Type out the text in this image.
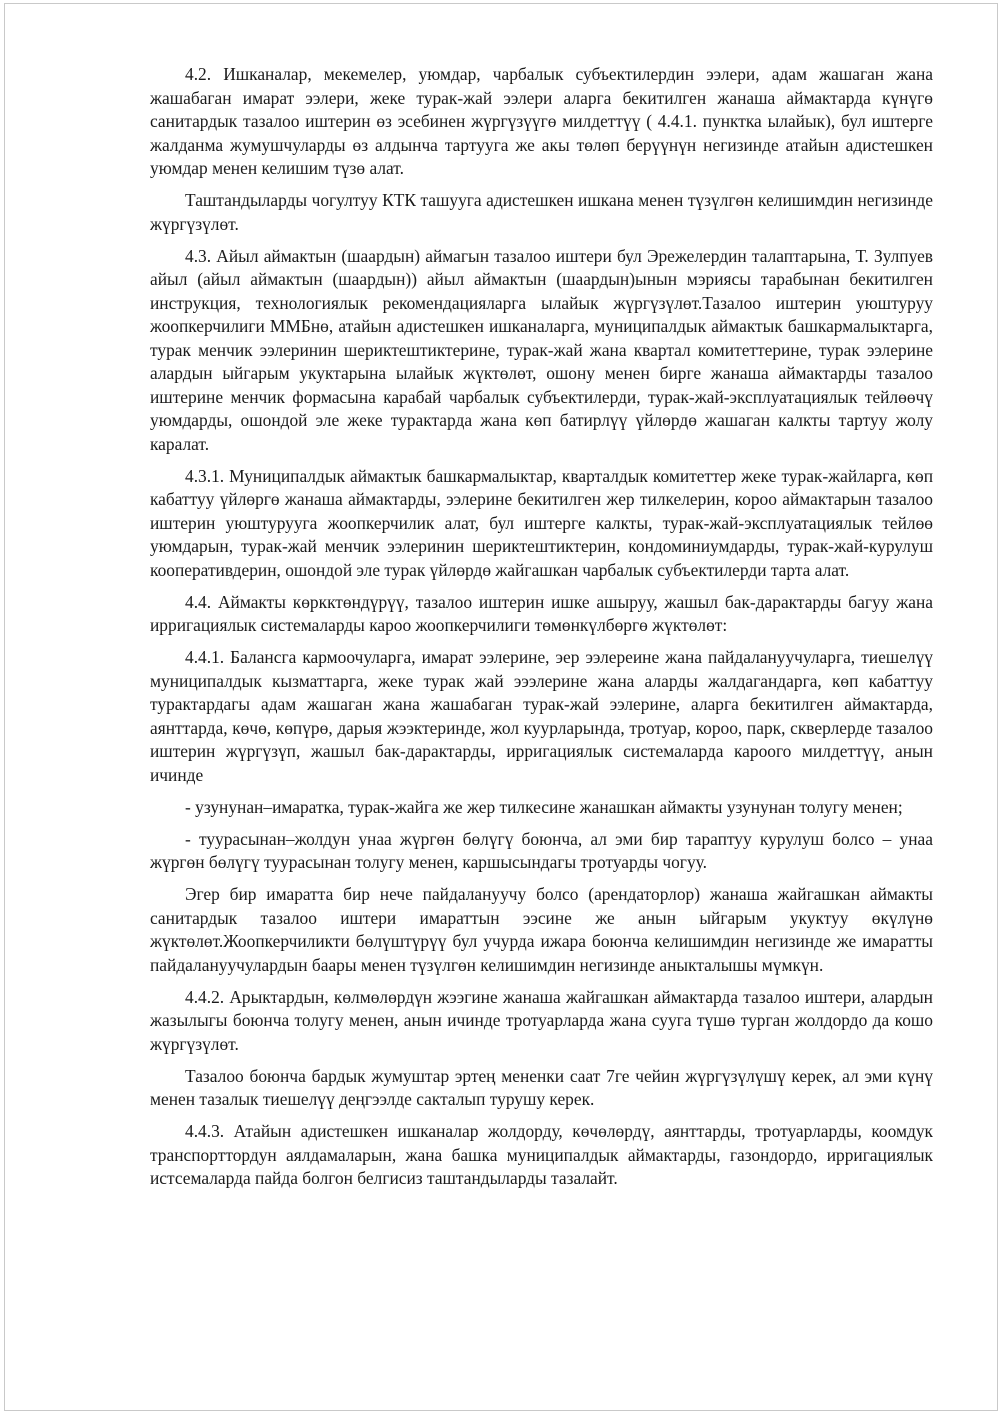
4.2. Ишканалар, мекемелер, уюмдар, чарбалык субъектилердин ээлери, адам жашаган жана жашабаган имарат ээлери, жеке турак-жай ээлери аларга бекитилген жанаша аймактарда күнүгө санитардык тазалоо иштерин өз эсебинен жүргүзүүгө милдеттүү ( 4.4.1. пунктка ылайык), бул иштерге жалданма жумушчуларды өз алдынча тартууга же акы төлөп берүүнүн негизинде атайын адистешкен уюмдар менен келишим түзө алат.

Таштандыларды чогултуу КТК ташууга адистешкен ишкана менен түзүлгөн келишимдин негизинде жүргүзүлөт.

4.3. Айыл аймактын (шаардын) аймагын тазалоо иштери бул Эрежелердин талаптарына, Т. Зулпуев айыл (айыл аймактын (шаардын)) айыл аймактын (шаардын)ынын мэриясы тарабынан бекитилген инструкция, технологиялык рекомендацияларга ылайык жүргүзүлөт.Тазалоо иштерин уюштуруу жоопкерчилиги ММБнө, атайын адистешкен ишканаларга, муниципалдык аймактык башкармалыктарга, турак менчик ээлеринин шериктештиктерине, турак-жай жана квартал комитеттерине, турак ээлерине алардын ыйгарым укуктарына ылайык жүктөлөт, ошону менен бирге жанаша аймактарды тазалоо иштерине менчик формасына карабай чарбалык субъектилерди, турак-жай-эксплуатациялык тейлөөчү уюмдарды, ошондой эле жеке турактарда жана көп батирлүү үйлөрдө жашаган калкты тартуу жолу каралат.

4.3.1. Муниципалдык аймактык башкармалыктар, кварталдык комитеттер жеке турак-жайларга, көп кабаттуу үйлөргө жанаша аймактарды, ээлерине бекитилген жер тилкелерин, короо аймактарын тазалоо иштерин уюштурууга жоопкерчилик алат, бул иштерге калкты, турак-жай-эксплуатациялык тейлөө уюмдарын, турак-жай менчик ээлеринин шериктештиктерин, кондоминиумдарды, турак-жай-курулуш кооперативдерин, ошондой эле турак үйлөрдө жайгашкан чарбалык субъектилерди тарта алат.

4.4. Аймакты көркктөндүрүү, тазалоо иштерин ишке ашыруу, жашыл бак-дарактарды багуу жана ирригациялык системаларды кароо жоопкерчилиги төмөнкүлбөргө жүктөлөт:

4.4.1. Балансга кармоочуларга, имарат ээлерине, эер ээлереине жана пайдалануучуларга, тиешелүү муниципалдык кызматтарга, жеке турак жай эээлерине жана аларды жалдагандарга, көп кабаттуу турактардагы адам жашаган жана жашабаган турак-жай ээлерине, аларга бекитилген аймактарда, аянттарда, көчө, көпүрө, дарыя жээктеринде, жол куурларында, тротуар, короо, парк, скверлерде тазалоо иштерин жүргүзүп, жашыл бак-дарактарды, ирригациялык системаларда кароого милдеттүү, анын ичинде

- узунунан–имаратка, турак-жайга же жер тилкесине жанашкан аймакты узунунан толугу менен;

- туурасынан–жолдун унаа жүргөн бөлүгү боюнча, ал эми бир тараптуу курулуш болсо – унаа жүргөн бөлүгү туурасынан толугу менен, каршысындагы тротуарды чогуу.

Эгер бир имаратта бир нече пайдалануучу болсо (арендаторлор) жанаша жайгашкан аймакты санитардык тазалоо иштери имараттын ээсине же анын ыйгарым укуктуу өкүлүнө жүктөлөт.Жоопкерчиликти бөлүштүрүү бул учурда ижара боюнча келишимдин негизинде же имаратты пайдалануучулардын баары менен түзүлгөн келишимдин негизинде аныкталышы мүмкүн.

4.4.2. Арыктардын, көлмөлөрдүн жээгине жанаша жайгашкан аймактарда тазалоо иштери, алардын жазылыгы боюнча толугу менен, анын ичинде тротуарларда жана сууга түшө турган жолдордо да кошо жүргүзүлөт.

Тазалоо боюнча бардык жумуштар эртең мененки саат 7ге чейин жүргүзүлүшү керек, ал эми күнү менен тазалык тиешелүү деңгээлде сакталып турушу керек.

4.4.3. Атайын адистешкен ишканалар жолдорду, көчөлөрдү, аянттарды, тротуарларды, коомдук транспорттордун аялдамаларын, жана башка муниципалдык аймактарды, газондордо, ирригациялык истсемаларда пайда болгон белгисиз таштандыларды тазалайт.
